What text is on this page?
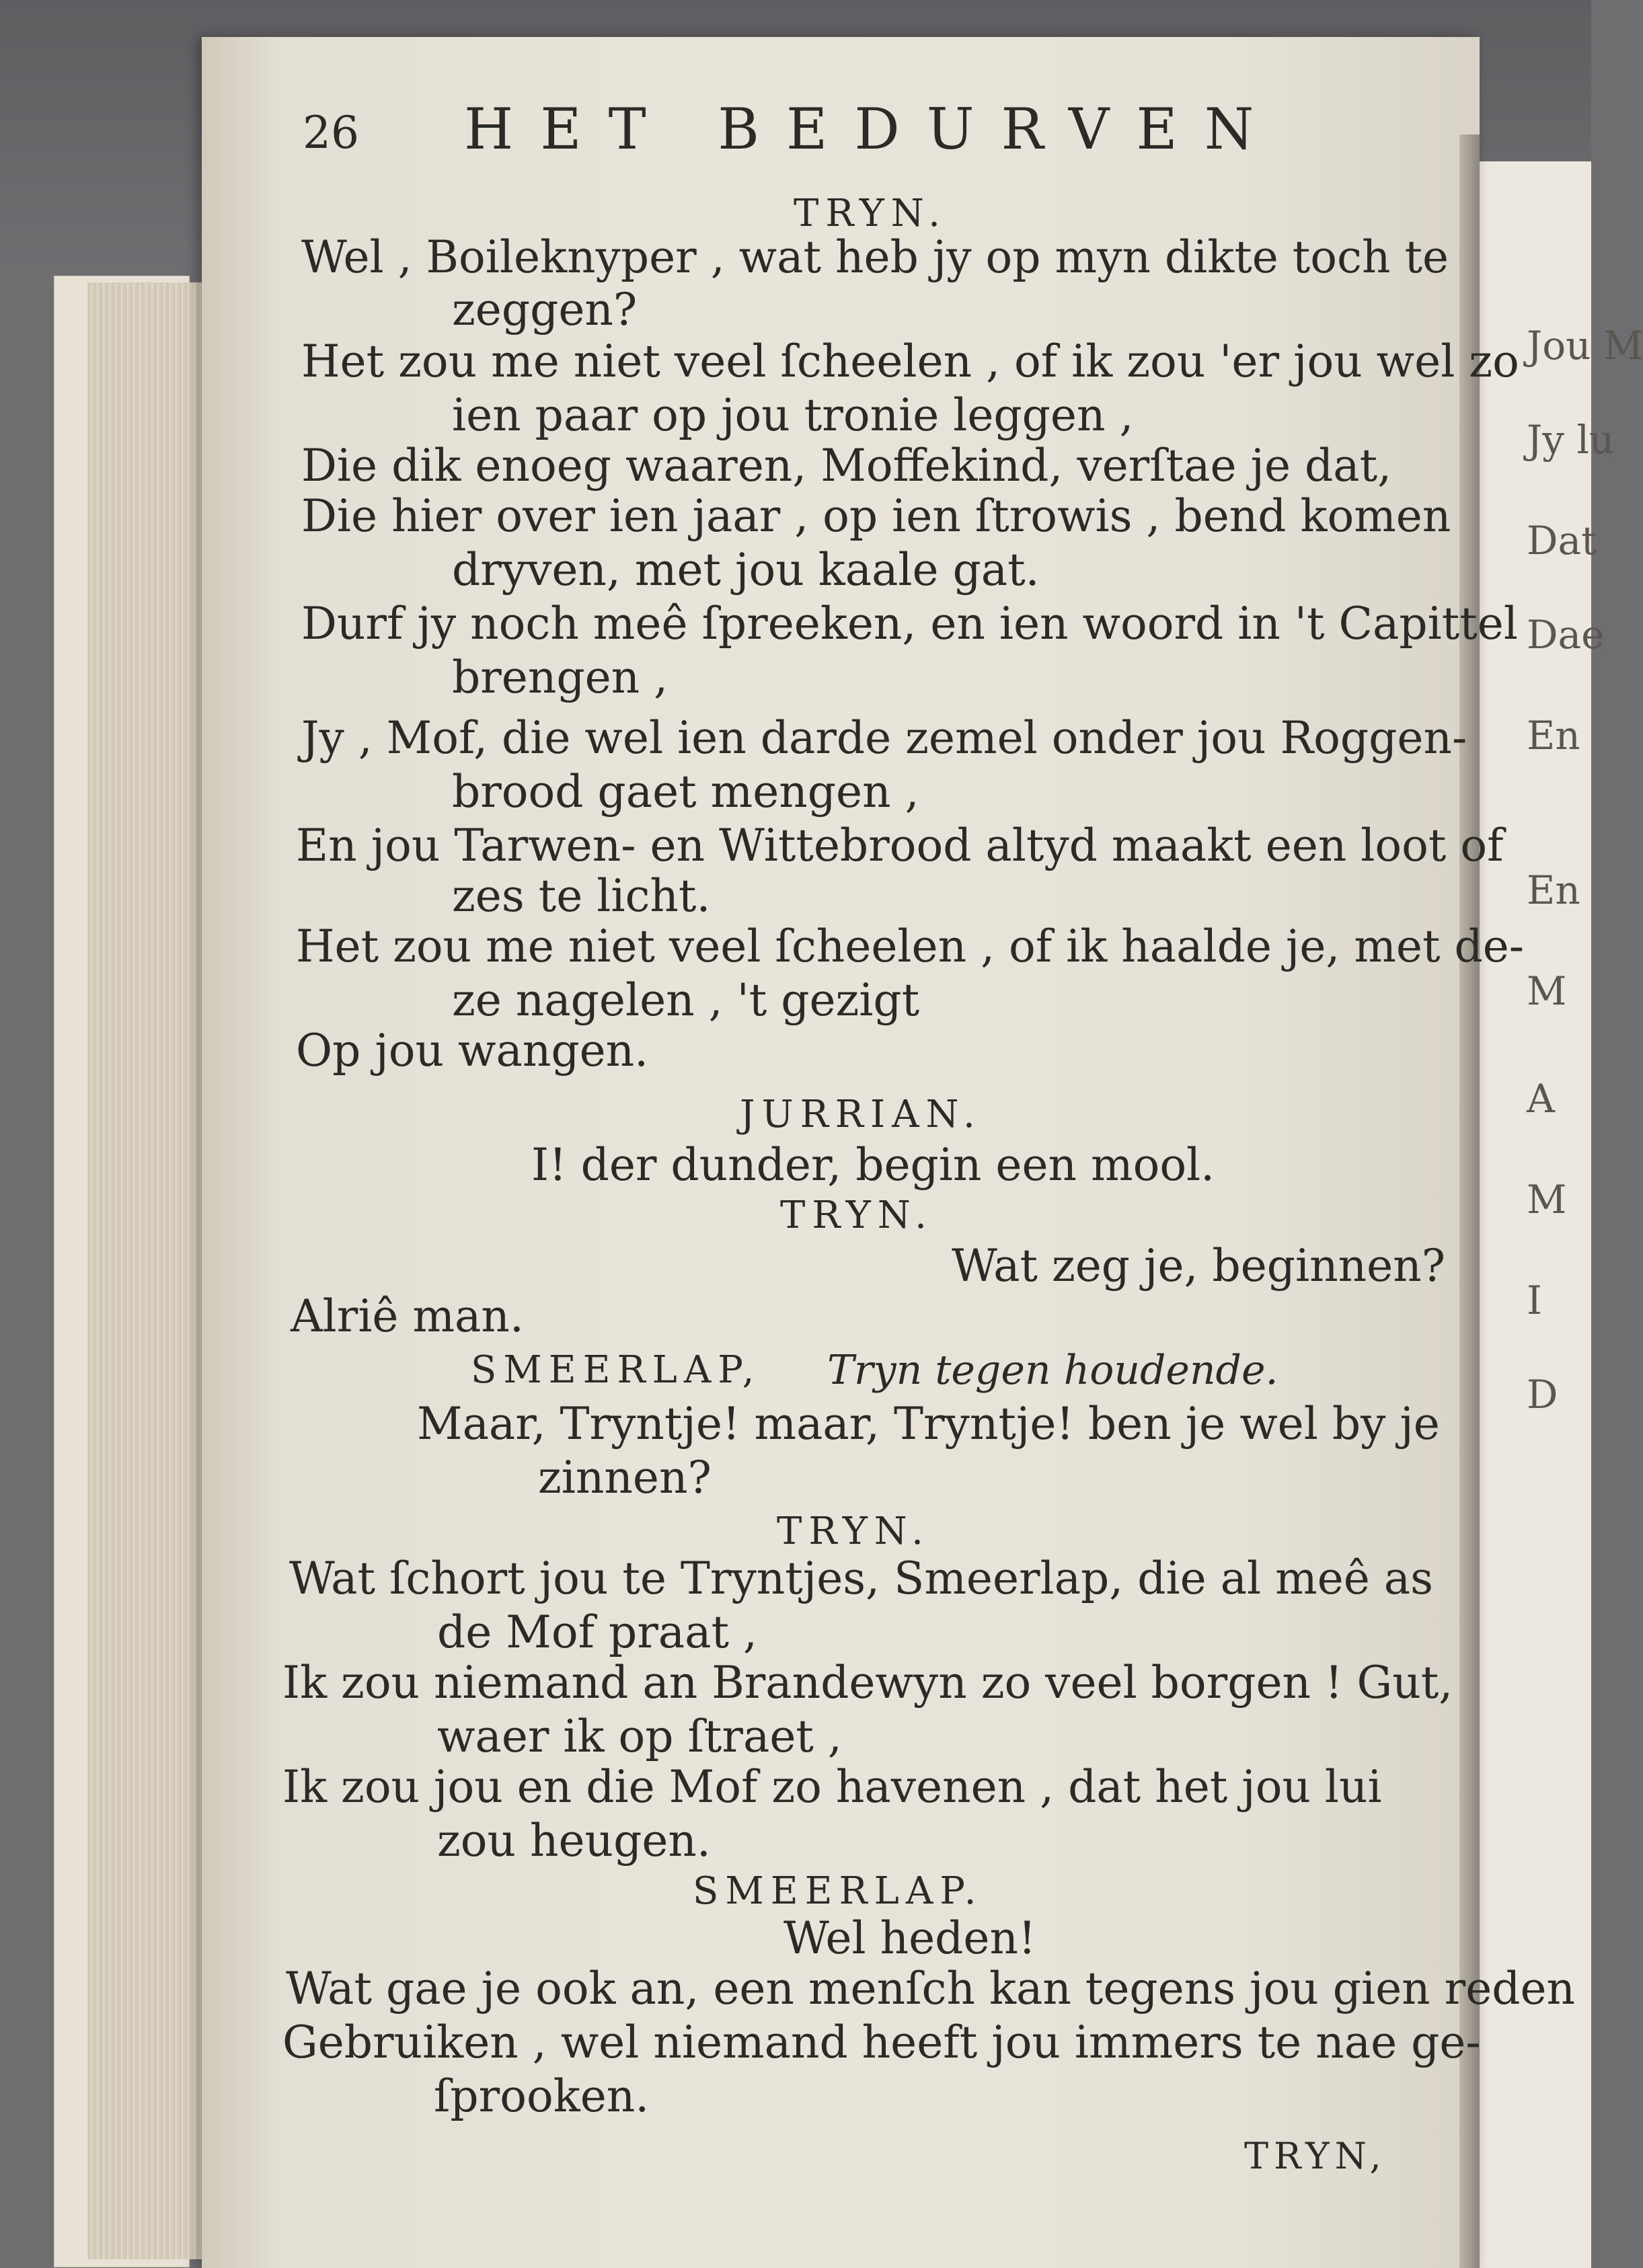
Jou M
Jy lu
Dat
Dae
En
En
M
A
M
I
D
26 HET BEDURVEN
TRYN.
Wel , Boileknyper , wat heb jy op myn dikte toch te
zeggen?
Het zou me niet veel ſcheelen , of ik zou 'er jou wel zo
ien paar op jou tronie leggen ,
Die dik enoeg waaren, Moffekind, verſtae je dat,
Die hier over ien jaar , op ien ſtrowis , bend komen
dryven, met jou kaale gat.
Durf jy noch meê ſpreeken, en ien woord in 't Capittel
brengen ,
Jy , Mof, die wel ien darde zemel onder jou Roggen-
brood gaet mengen ,
En jou Tarwen- en Wittebrood altyd maakt een loot of
zes te licht.
Het zou me niet veel ſcheelen , of ik haalde je, met de-
ze nagelen , 't gezigt
Op jou wangen.
JURRIAN.
I! der dunder, begin een mool.
TRYN.
Wat zeg je, beginnen?
Alriê man.
SMEERLAP, Tryn tegen houdende.
Maar, Tryntje! maar, Tryntje! ben je wel by je
zinnen?
TRYN.
Wat ſchort jou te Tryntjes, Smeerlap, die al meê as
de Mof praat ,
Ik zou niemand an Brandewyn zo veel borgen ! Gut,
waer ik op ſtraet ,
Ik zou jou en die Mof zo havenen , dat het jou lui
zou heugen.
SMEERLAP.
Wel heden!
Wat gae je ook an, een menſch kan tegens jou gien reden
Gebruiken , wel niemand heeft jou immers te nae ge-
ſprooken.
TRYN,
